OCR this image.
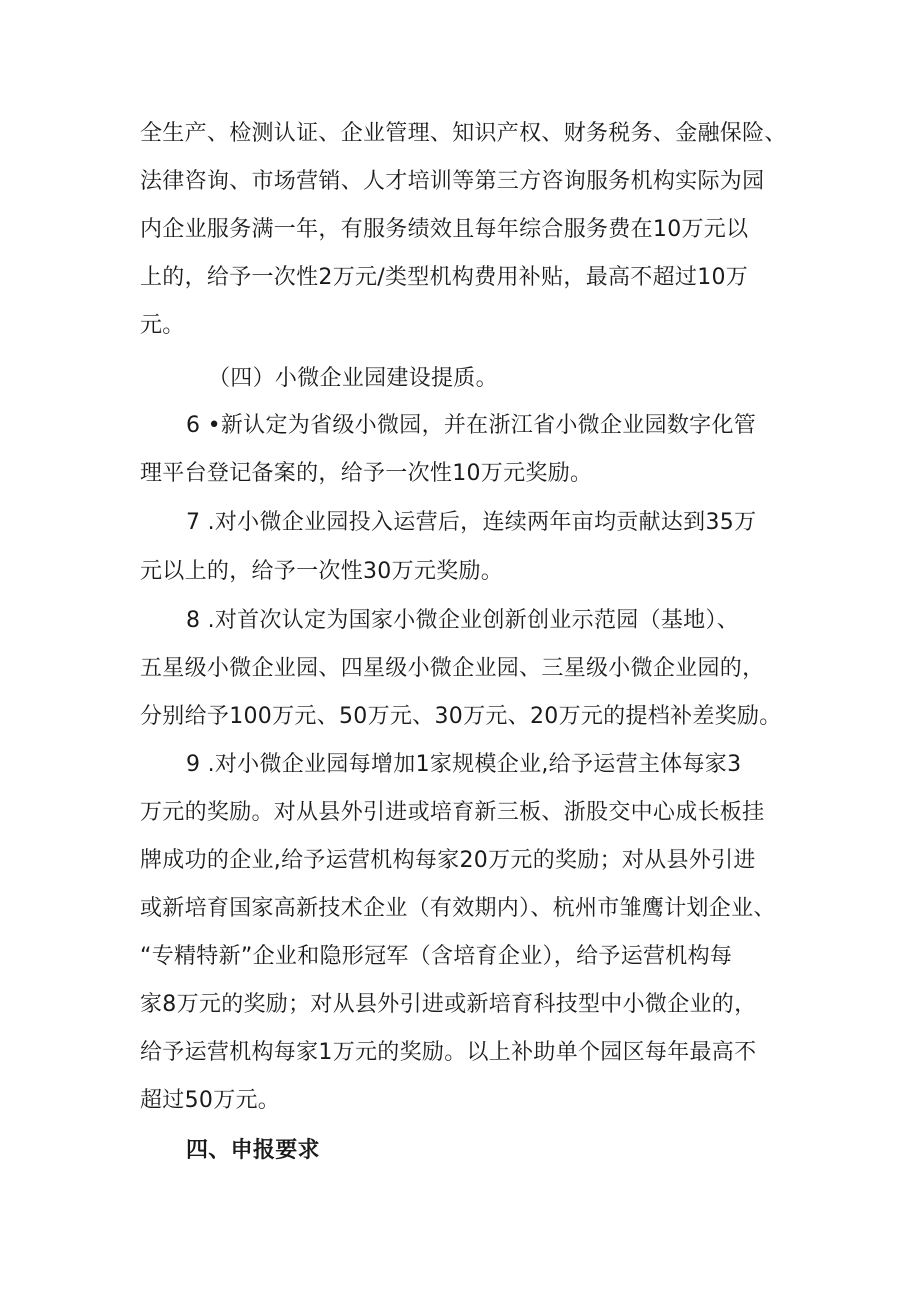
全生产、检测认证、企业管理、知识产权、财务税务、金融保险、
法律咨询、市场营销、人才培训等第三方咨询服务机构实际为园
内企业服务满一年，有服务绩效且每年综合服务费在10万元以
上的，给予一次性2万元/类型机构费用补贴，最高不超过10万
元。
（四）小微企业园建设提质。
6 •新认定为省级小微园，并在浙江省小微企业园数字化管
理平台登记备案的，给予一次性10万元奖励。
7 .对小微企业园投入运营后，连续两年亩均贡献达到35万
元以上的，给予一次性30万元奖励。
8 .对首次认定为国家小微企业创新创业示范园（基地）、
五星级小微企业园、四星级小微企业园、三星级小微企业园的，
分别给予100万元、50万元、30万元、20万元的提档补差奖励。
9 .对小微企业园每增加1家规模企业,给予运营主体每家3
万元的奖励。对从县外引进或培育新三板、浙股交中心成长板挂
牌成功的企业,给予运营机构每家20万元的奖励；对从县外引进
或新培育国家高新技术企业（有效期内）、杭州市雏鹰计划企业、
“专精特新”企业和隐形冠军（含培育企业），给予运营机构每
家8万元的奖励；对从县外引进或新培育科技型中小微企业的，
给予运营机构每家1万元的奖励。以上补助单个园区每年最高不
超过50万元。
四、申报要求
